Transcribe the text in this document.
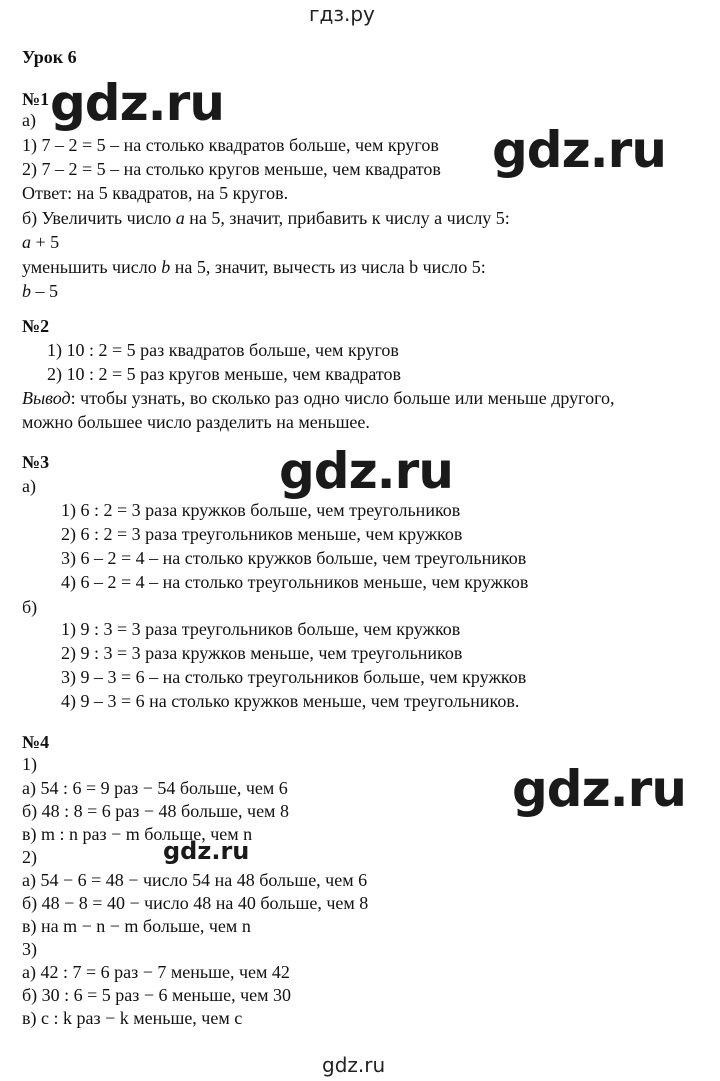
гдз.ру
Урок 6
№1
а)
1) 7 – 2 = 5 – на столько квадратов больше, чем кругов
2) 7 – 2 = 5 – на столько кругов меньше, чем квадратов
Ответ: на 5 квадратов, на 5 кругов.
б) Увеличить число a на 5, значит, прибавить к числу а числу 5:
a + 5
уменьшить число b на 5, значит, вычесть из числа b число 5:
b – 5
№2
1) 10 : 2 = 5 раз квадратов больше, чем кругов
2) 10 : 2 = 5 раз кругов меньше, чем квадратов
Вывод: чтобы узнать, во сколько раз одно число больше или меньше другого,
можно большее число разделить на меньшее.
№3
а)
1) 6 : 2 = 3 раза кружков больше, чем треугольников
2) 6 : 2 = 3 раза треугольников меньше, чем кружков
3) 6 – 2 = 4 – на столько кружков больше, чем треугольников
4) 6 – 2 = 4 – на столько треугольников меньше, чем кружков
б)
1) 9 : 3 = 3 раза треугольников больше, чем кружков
2) 9 : 3 = 3 раза кружков меньше, чем треугольников
3) 9 – 3 = 6 – на столько треугольников больше, чем кружков
4) 9 – 3 = 6 на столько кружков меньше, чем треугольников.
№4
1)
а) 54 : 6 = 9 раз − 54 больше, чем 6
б) 48 : 8 = 6 раз − 48 больше, чем 8
в) m : n раз − m больше, чем n
2)
а) 54 − 6 = 48 − число 54 на 48 больше, чем 6
б) 48 − 8 = 40 − число 48 на 40 больше, чем 8
в) на m − n − m больше, чем n
3)
а) 42 : 7 = 6 раз − 7 меньше, чем 42
б) 30 : 6 = 5 раз − 6 меньше, чем 30
в) c : k раз − k меньше, чем c
gdz.ru
gdz.ru
gdz.ru
gdz.ru
gdz.ru
gdz.ru
